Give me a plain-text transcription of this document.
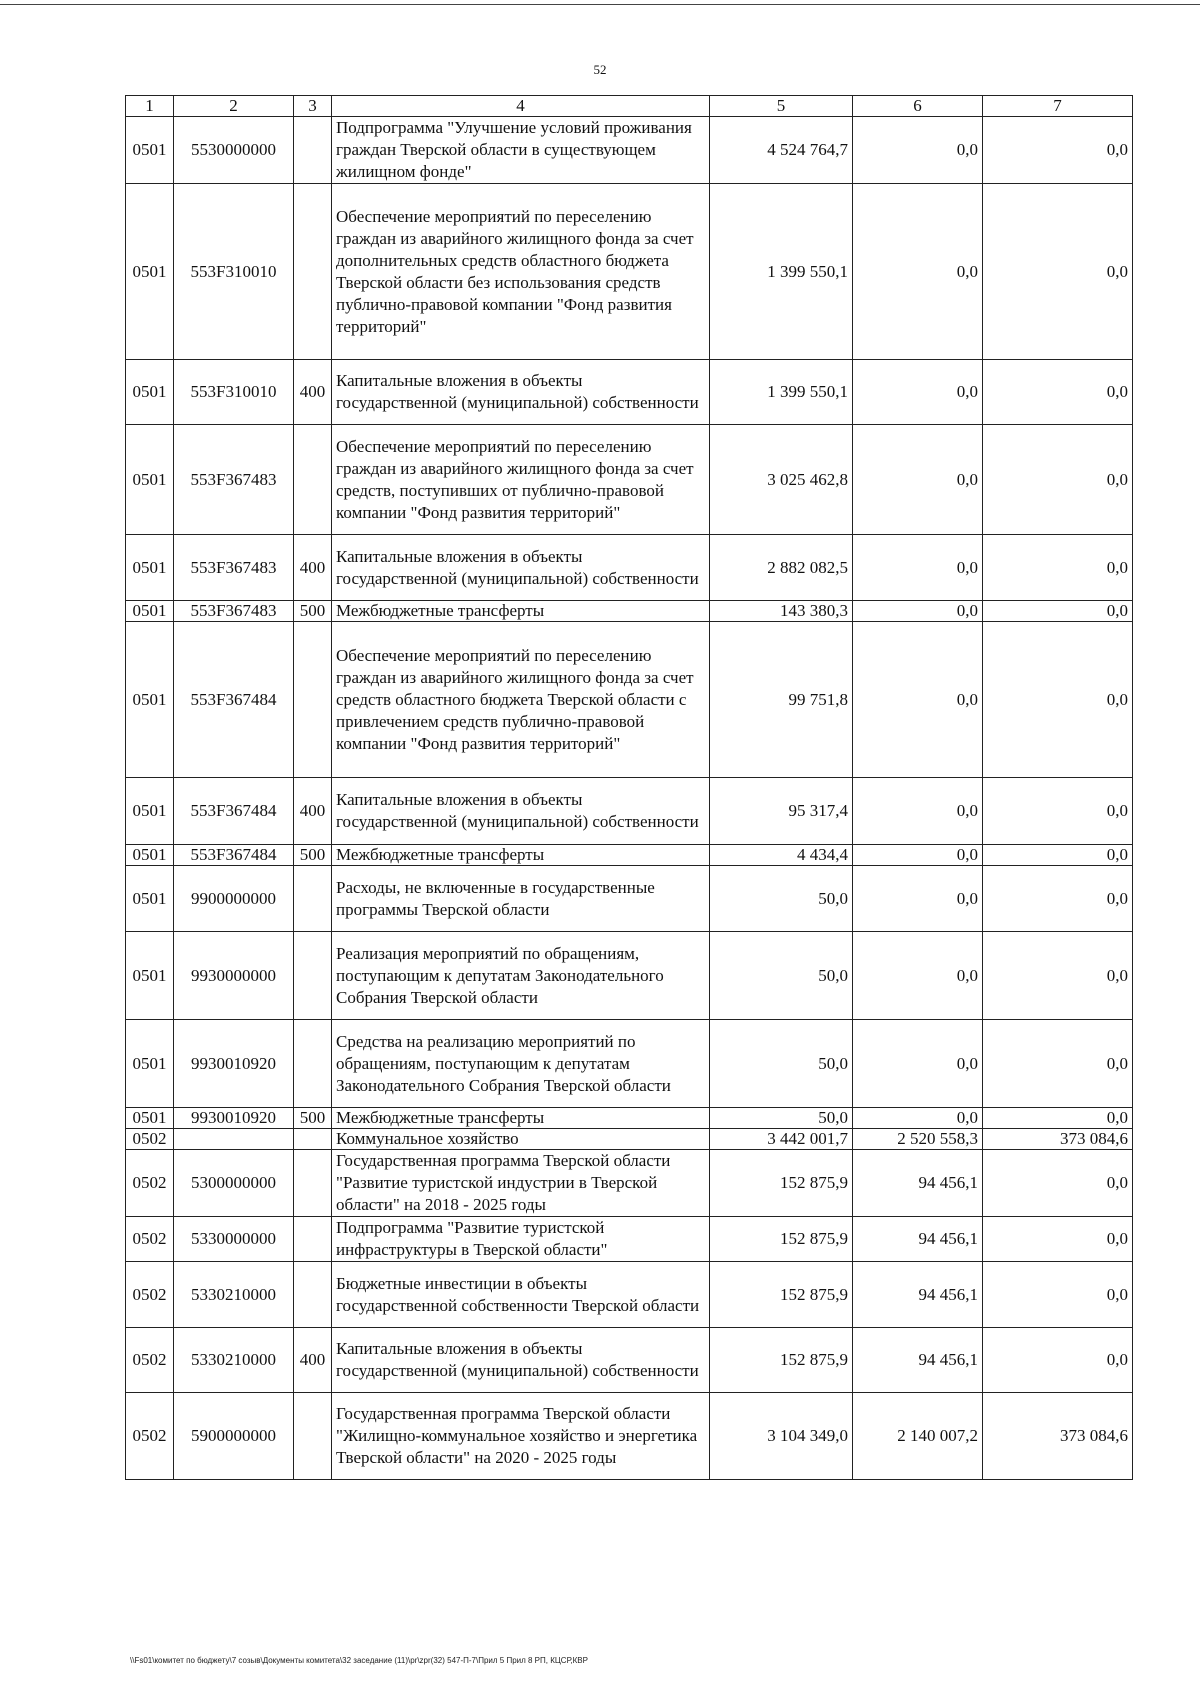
52
1	2	3	4	5	6	7
0501	5530000000		Подпрограмма "Улучшение условий проживания граждан Тверской области в существующем жилищном фонде"	4 524 764,7	0,0	0,0
0501	553F310010		Обеспечение мероприятий по переселению граждан из аварийного жилищного фонда за счет дополнительных средств областного бюджета Тверской области без использования средств публично-правовой компании "Фонд развития территорий"	1 399 550,1	0,0	0,0
0501	553F310010	400	Капитальные вложения в объекты государственной (муниципальной) собственности	1 399 550,1	0,0	0,0
0501	553F367483		Обеспечение мероприятий по переселению граждан из аварийного жилищного фонда за счет средств, поступивших от публично-правовой компании "Фонд развития территорий"	3 025 462,8	0,0	0,0
0501	553F367483	400	Капитальные вложения в объекты государственной (муниципальной) собственности	2 882 082,5	0,0	0,0
0501	553F367483	500	Межбюджетные трансферты	143 380,3	0,0	0,0
0501	553F367484		Обеспечение мероприятий по переселению граждан из аварийного жилищного фонда за счет средств областного бюджета Тверской области с привлечением средств публично-правовой компании "Фонд развития территорий"	99 751,8	0,0	0,0
0501	553F367484	400	Капитальные вложения в объекты государственной (муниципальной) собственности	95 317,4	0,0	0,0
0501	553F367484	500	Межбюджетные трансферты	4 434,4	0,0	0,0
0501	9900000000		Расходы, не включенные в государственные программы Тверской области	50,0	0,0	0,0
0501	9930000000		Реализация мероприятий по обращениям, поступающим к депутатам Законодательного Собрания Тверской области	50,0	0,0	0,0
0501	9930010920		Средства на реализацию мероприятий по обращениям, поступающим к депутатам Законодательного Собрания Тверской области	50,0	0,0	0,0
0501	9930010920	500	Межбюджетные трансферты	50,0	0,0	0,0
0502			Коммунальное хозяйство	3 442 001,7	2 520 558,3	373 084,6
0502	5300000000		Государственная программа Тверской области "Развитие туристской индустрии в Тверской области" на 2018 - 2025 годы	152 875,9	94 456,1	0,0
0502	5330000000		Подпрограмма "Развитие туристской инфраструктуры в Тверской области"	152 875,9	94 456,1	0,0
0502	5330210000		Бюджетные инвестиции в объекты государственной собственности Тверской области	152 875,9	94 456,1	0,0
0502	5330210000	400	Капитальные вложения в объекты государственной (муниципальной) собственности	152 875,9	94 456,1	0,0
0502	5900000000		Государственная программа Тверской области "Жилищно-коммунальное хозяйство и энергетика Тверской области" на 2020 - 2025 годы	3 104 349,0	2 140 007,2	373 084,6
\\Fs01\комитет по бюджету\7 созыв\Документы комитета\32 заседание (11)\pr\zpr(32) 547-П-7\Прил 5 Прил 8 РП, КЦСР,КВР
